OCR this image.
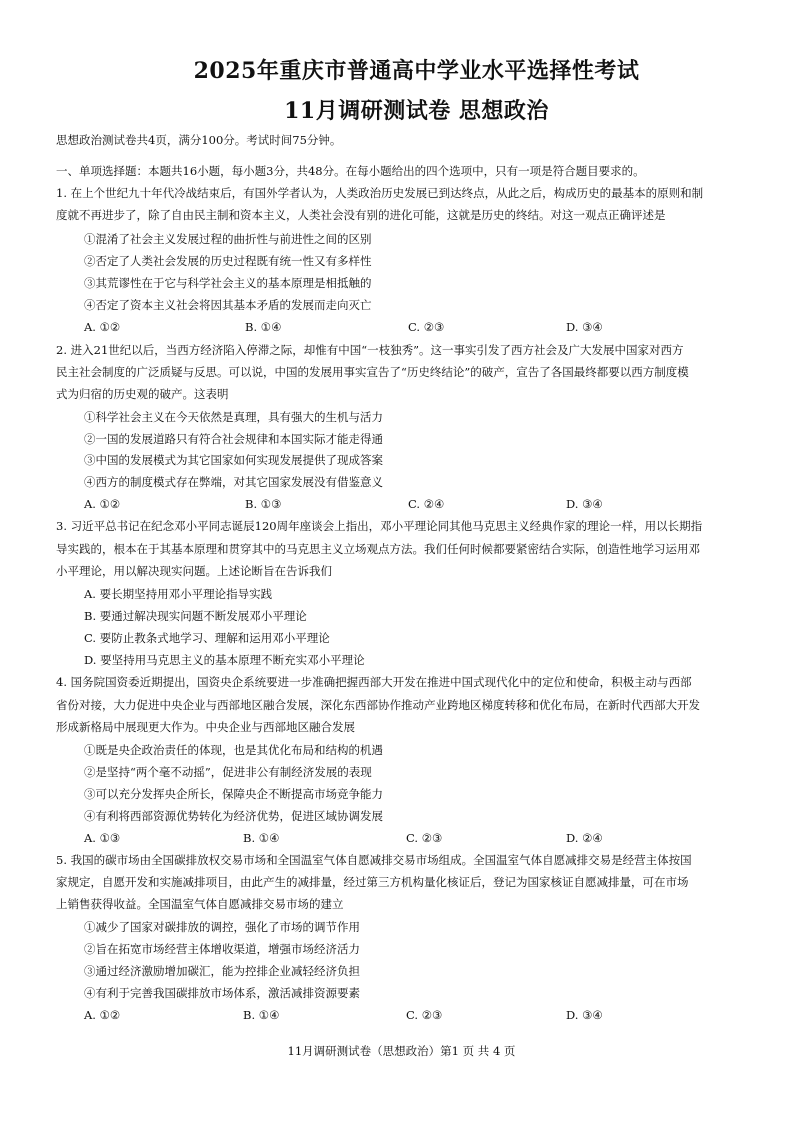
2025年重庆市普通高中学业水平选择性考试
11月调研测试卷 思想政治
思想政治测试卷共4页，满分100分。考试时间75分钟。
一、单项选择题：本题共16小题，每小题3分，共48分。在每小题给出的四个选项中，只有一项是符合题目要求的。
1. 在上个世纪九十年代冷战结束后，有国外学者认为，人类政治历史发展已到达终点，从此之后，构成历史的最基本的原则和制
度就不再进步了，除了自由民主制和资本主义，人类社会没有别的进化可能，这就是历史的终结。对这一观点正确评述是
①混淆了社会主义发展过程的曲折性与前进性之间的区别
②否定了人类社会发展的历史过程既有统一性又有多样性
③其荒谬性在于它与科学社会主义的基本原理是相抵触的
④否定了资本主义社会将因其基本矛盾的发展而走向灭亡
A. ①②	B. ①④	C. ②③	D. ③④
2. 进入21世纪以后，当西方经济陷入停滞之际，却惟有中国“一枝独秀”。这一事实引发了西方社会及广大发展中国家对西方
民主社会制度的广泛质疑与反思。可以说，中国的发展用事实宣告了“历史终结论”的破产，宣告了各国最终都要以西方制度模
式为归宿的历史观的破产。这表明
①科学社会主义在今天依然是真理，具有强大的生机与活力
②一国的发展道路只有符合社会规律和本国实际才能走得通
③中国的发展模式为其它国家如何实现发展提供了现成答案
④西方的制度模式存在弊端，对其它国家发展没有借鉴意义
A. ①②	B. ①③	C. ②④	D. ③④
3. 习近平总书记在纪念邓小平同志诞辰120周年座谈会上指出，邓小平理论同其他马克思主义经典作家的理论一样，用以长期指
导实践的，根本在于其基本原理和贯穿其中的马克思主义立场观点方法。我们任何时候都要紧密结合实际，创造性地学习运用邓
小平理论，用以解决现实问题。上述论断旨在告诉我们
A. 要长期坚持用邓小平理论指导实践
B. 要通过解决现实问题不断发展邓小平理论
C. 要防止教条式地学习、理解和运用邓小平理论
D. 要坚持用马克思主义的基本原理不断充实邓小平理论
4. 国务院国资委近期提出，国资央企系统要进一步准确把握西部大开发在推进中国式现代化中的定位和使命，积极主动与西部
省份对接，大力促进中央企业与西部地区融合发展，深化东西部协作推动产业跨地区梯度转移和优化布局，在新时代西部大开发
形成新格局中展现更大作为。中央企业与西部地区融合发展
①既是央企政治责任的体现，也是其优化布局和结构的机遇
②是坚持“两个毫不动摇”，促进非公有制经济发展的表现
③可以充分发挥央企所长，保障央企不断提高市场竞争能力
④有利将西部资源优势转化为经济优势，促进区域协调发展
A. ①③	B. ①④	C. ②③	D. ②④
5. 我国的碳市场由全国碳排放权交易市场和全国温室气体自愿减排交易市场组成。全国温室气体自愿减排交易是经营主体按国
家规定，自愿开发和实施减排项目，由此产生的减排量，经过第三方机构量化核证后，登记为国家核证自愿减排量，可在市场
上销售获得收益。全国温室气体自愿减排交易市场的建立
①减少了国家对碳排放的调控，强化了市场的调节作用
②旨在拓宽市场经营主体增收渠道，增强市场经济活力
③通过经济激励增加碳汇，能为控排企业减轻经济负担
④有利于完善我国碳排放市场体系，激活减排资源要素
A. ①②	B. ①④	C. ②③	D. ③④
11月调研测试卷（思想政治）第1 页 共 4 页
